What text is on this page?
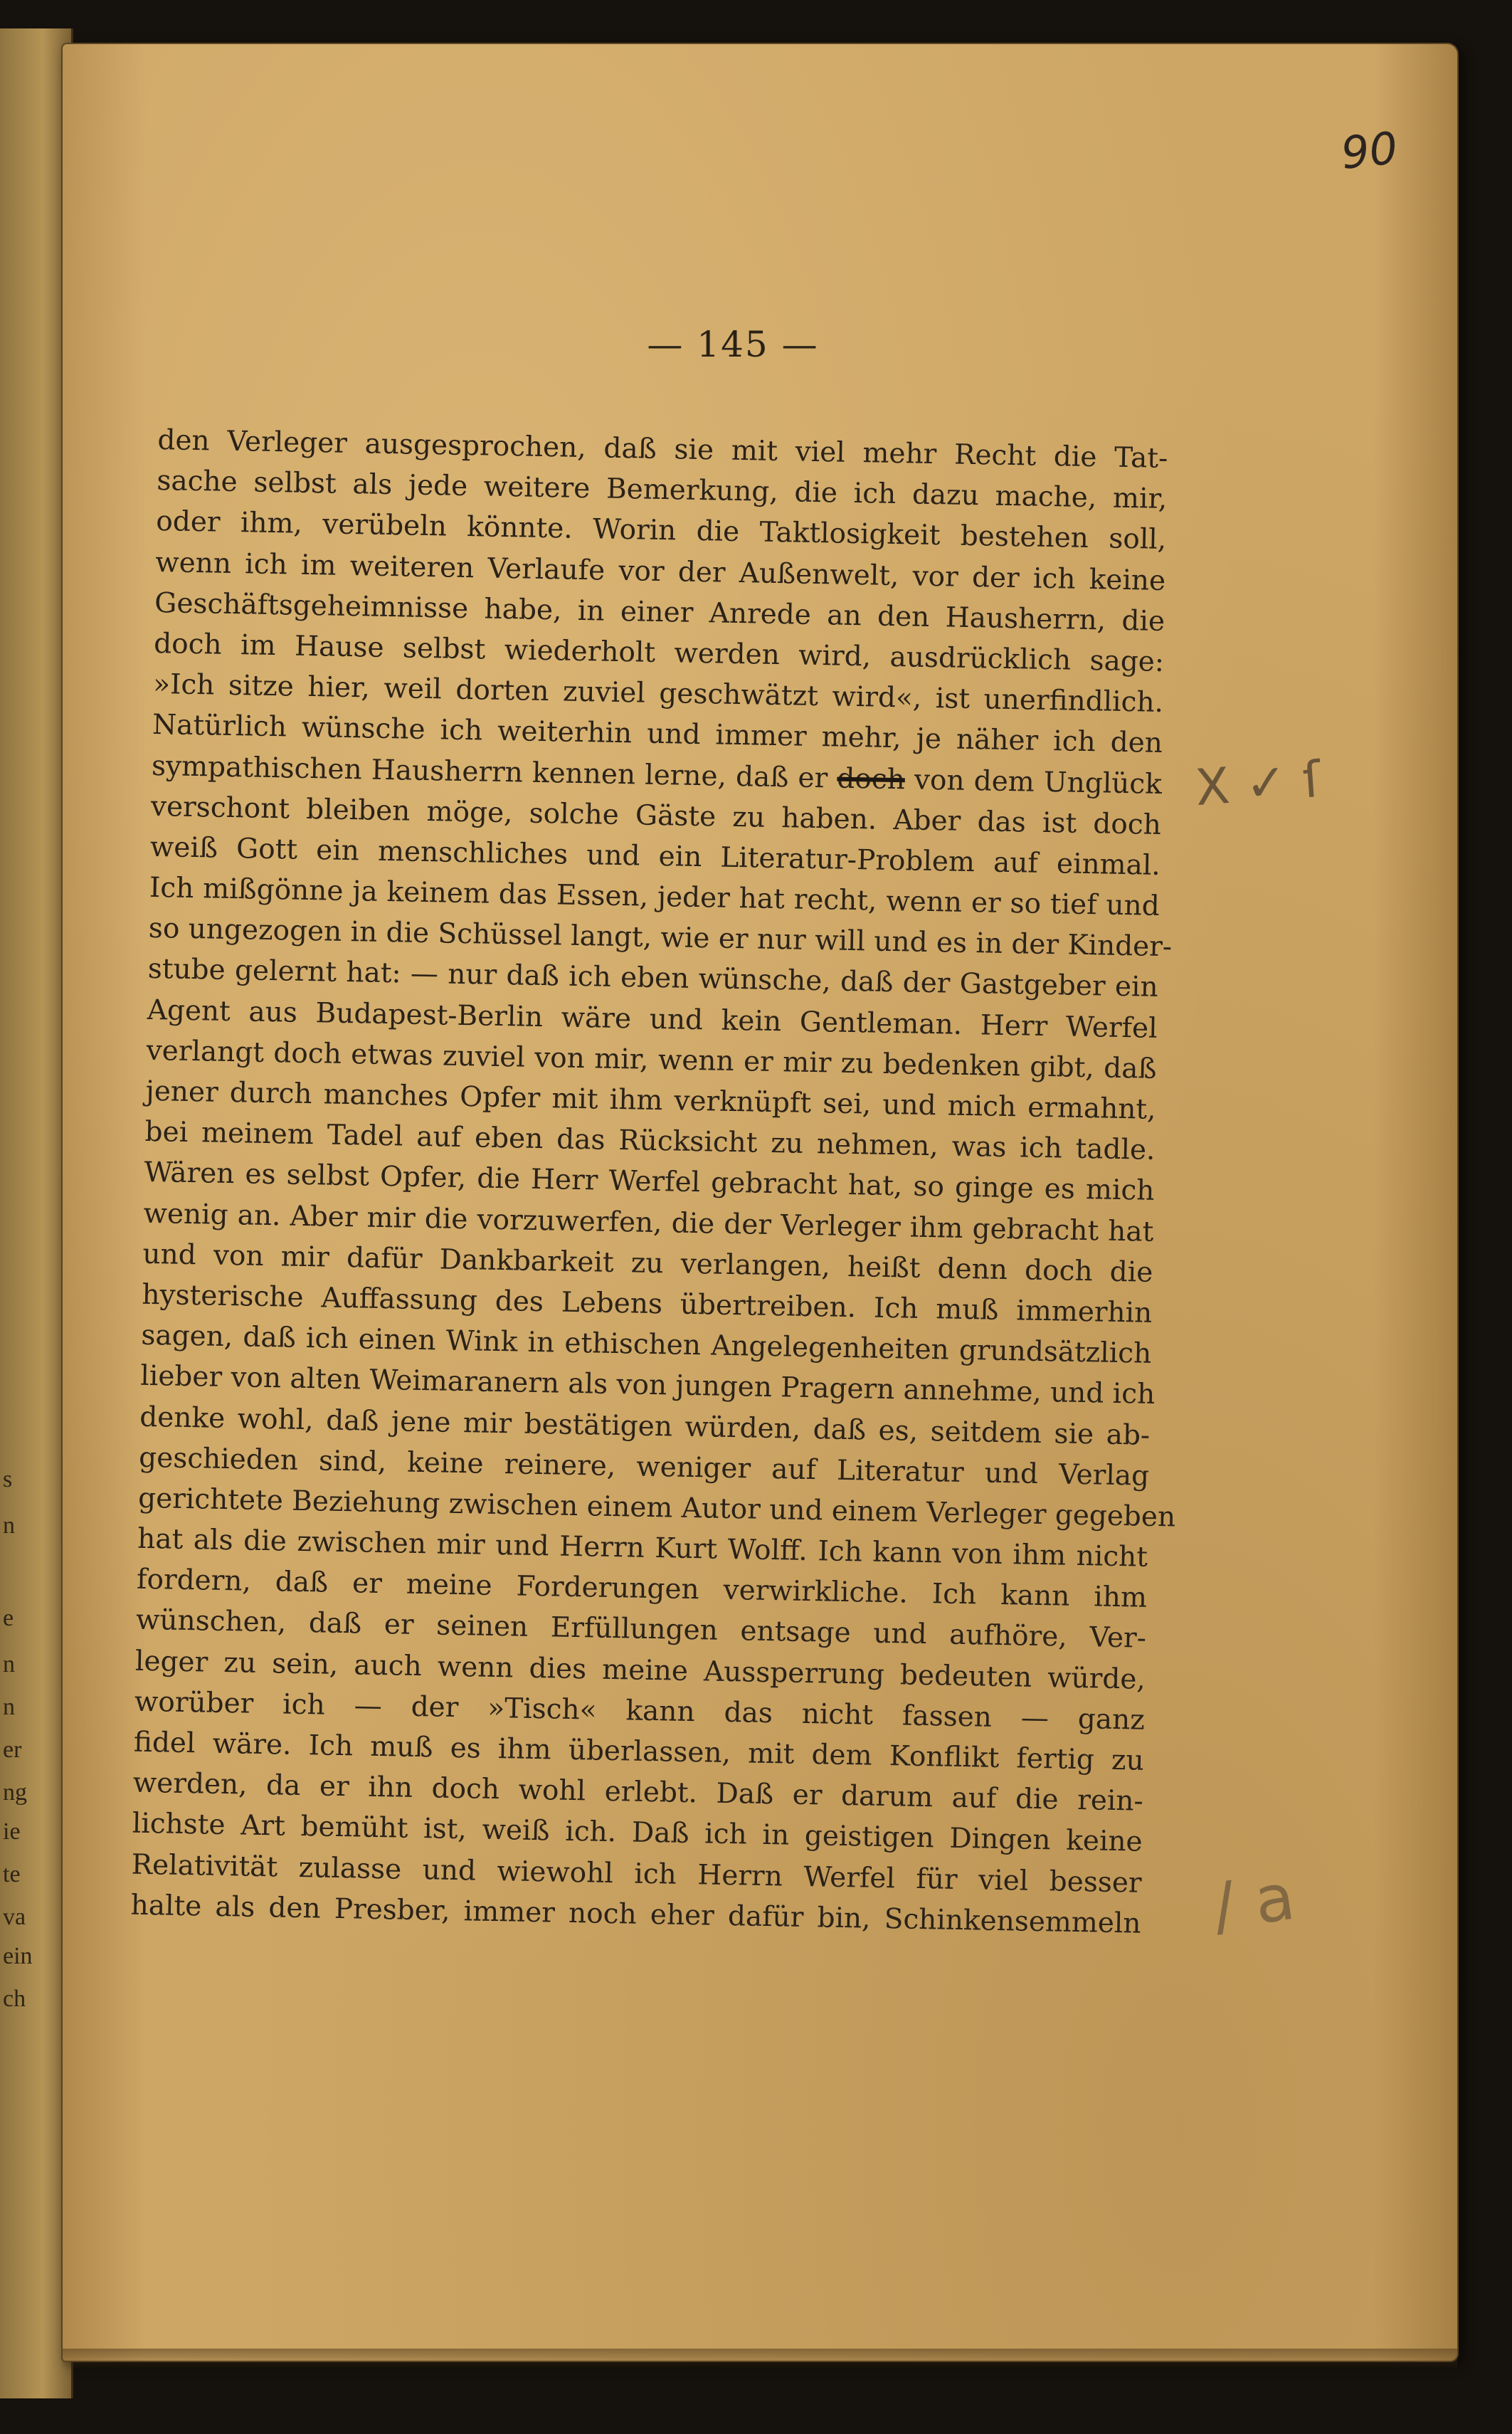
s
n
e
n
n
er
ng
ie
te
va
ein
ch
90
— 145 —
den Verleger ausgesprochen, daß sie mit viel mehr Recht die Tat-
sache selbst als jede weitere Bemerkung, die ich dazu mache, mir,
oder ihm, verübeln könnte. Worin die Taktlosigkeit bestehen soll,
wenn ich im weiteren Verlaufe vor der Außenwelt, vor der ich keine
Geschäftsgeheimnisse habe, in einer Anrede an den Hausherrn, die
doch im Hause selbst wiederholt werden wird, ausdrücklich sage:
»Ich sitze hier, weil dorten zuviel geschwätzt wird«, ist unerfindlich.
Natürlich wünsche ich weiterhin und immer mehr, je näher ich den
sympathischen Hausherrn kennen lerne, daß er doch von dem Unglück
verschont bleiben möge, solche Gäste zu haben. Aber das ist doch
weiß Gott ein menschliches und ein Literatur-Problem auf einmal.
Ich mißgönne ja keinem das Essen, jeder hat recht, wenn er so tief und
so ungezogen in die Schüssel langt, wie er nur will und es in der Kinder-
stube gelernt hat: — nur daß ich eben wünsche, daß der Gastgeber ein
Agent aus Budapest-Berlin wäre und kein Gentleman. Herr Werfel
verlangt doch etwas zuviel von mir, wenn er mir zu bedenken gibt, daß
jener durch manches Opfer mit ihm verknüpft sei, und mich ermahnt,
bei meinem Tadel auf eben das Rücksicht zu nehmen, was ich tadle.
Wären es selbst Opfer, die Herr Werfel gebracht hat, so ginge es mich
wenig an. Aber mir die vorzuwerfen, die der Verleger ihm gebracht hat
und von mir dafür Dankbarkeit zu verlangen, heißt denn doch die
hysterische Auffassung des Lebens übertreiben. Ich muß immerhin
sagen, daß ich einen Wink in ethischen Angelegenheiten grundsätzlich
lieber von alten Weimaranern als von jungen Pragern annehme, und ich
denke wohl, daß jene mir bestätigen würden, daß es, seitdem sie ab-
geschieden sind, keine reinere, weniger auf Literatur und Verlag
gerichtete Beziehung zwischen einem Autor und einem Verleger gegeben
hat als die zwischen mir und Herrn Kurt Wolff. Ich kann von ihm nicht
fordern, daß er meine Forderungen verwirkliche. Ich kann ihm
wünschen, daß er seinen Erfüllungen entsage und aufhöre, Ver-
leger zu sein, auch wenn dies meine Aussperrung bedeuten würde,
worüber ich — der »Tisch« kann das nicht fassen — ganz
fidel wäre. Ich muß es ihm überlassen, mit dem Konflikt fertig zu
werden, da er ihn doch wohl erlebt. Daß er darum auf die rein-
lichste Art bemüht ist, weiß ich. Daß ich in geistigen Dingen keine
Relativität zulasse und wiewohl ich Herrn Werfel für viel besser
halte als den Presber, immer noch eher dafür bin, Schinkensemmeln
X ✓ ſ
/ a
